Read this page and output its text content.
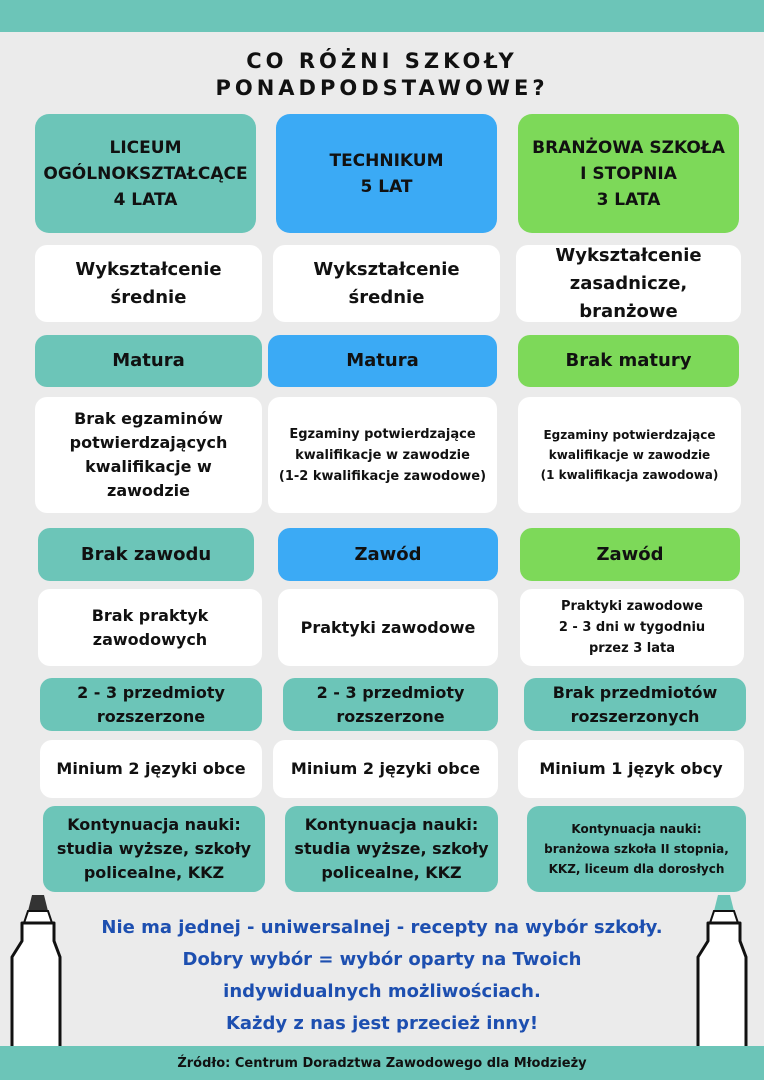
CO RÓŻNI SZKOŁY
PONADPODSTAWOWE?
LICEUM
OGÓLNOKSZTAŁCĄCE
4 LATA
Wykształcenie
średnie
Matura
Brak egzaminów
potwierdzających
kwalifikacje w
zawodzie
Brak zawodu
Brak praktyk
zawodowych
2 - 3 przedmioty
rozszerzone
Minium 2 języki obce
Kontynuacja nauki:
studia wyższe, szkoły
policealne, KKZ
TECHNIKUM
5 LAT
Wykształcenie
średnie
Matura
Egzaminy potwierdzające
kwalifikacje w zawodzie
(1-2 kwalifikacje zawodowe)
Zawód
Praktyki zawodowe
2 - 3 przedmioty
rozszerzone
Minium 2 języki obce
Kontynuacja nauki:
studia wyższe, szkoły
policealne, KKZ
BRANŻOWA SZKOŁA
I STOPNIA
3 LATA
Wykształcenie
zasadnicze,
branżowe
Brak matury
Egzaminy potwierdzające
kwalifikacje w zawodzie
(1 kwalifikacja zawodowa)
Zawód
Praktyki zawodowe
2 - 3 dni w tygodniu
przez 3 lata
Brak przedmiotów
rozszerzonych
Minium 1 język obcy
Kontynuacja nauki:
branżowa szkoła II stopnia,
KKZ, liceum dla dorosłych
Nie ma jednej - uniwersalnej - recepty na wybór szkoły.
Dobry wybór = wybór oparty na Twoich
indywidualnych możliwościach.
Każdy z nas jest przecież inny!
Źródło: Centrum Doradztwa Zawodowego dla Młodzieży
